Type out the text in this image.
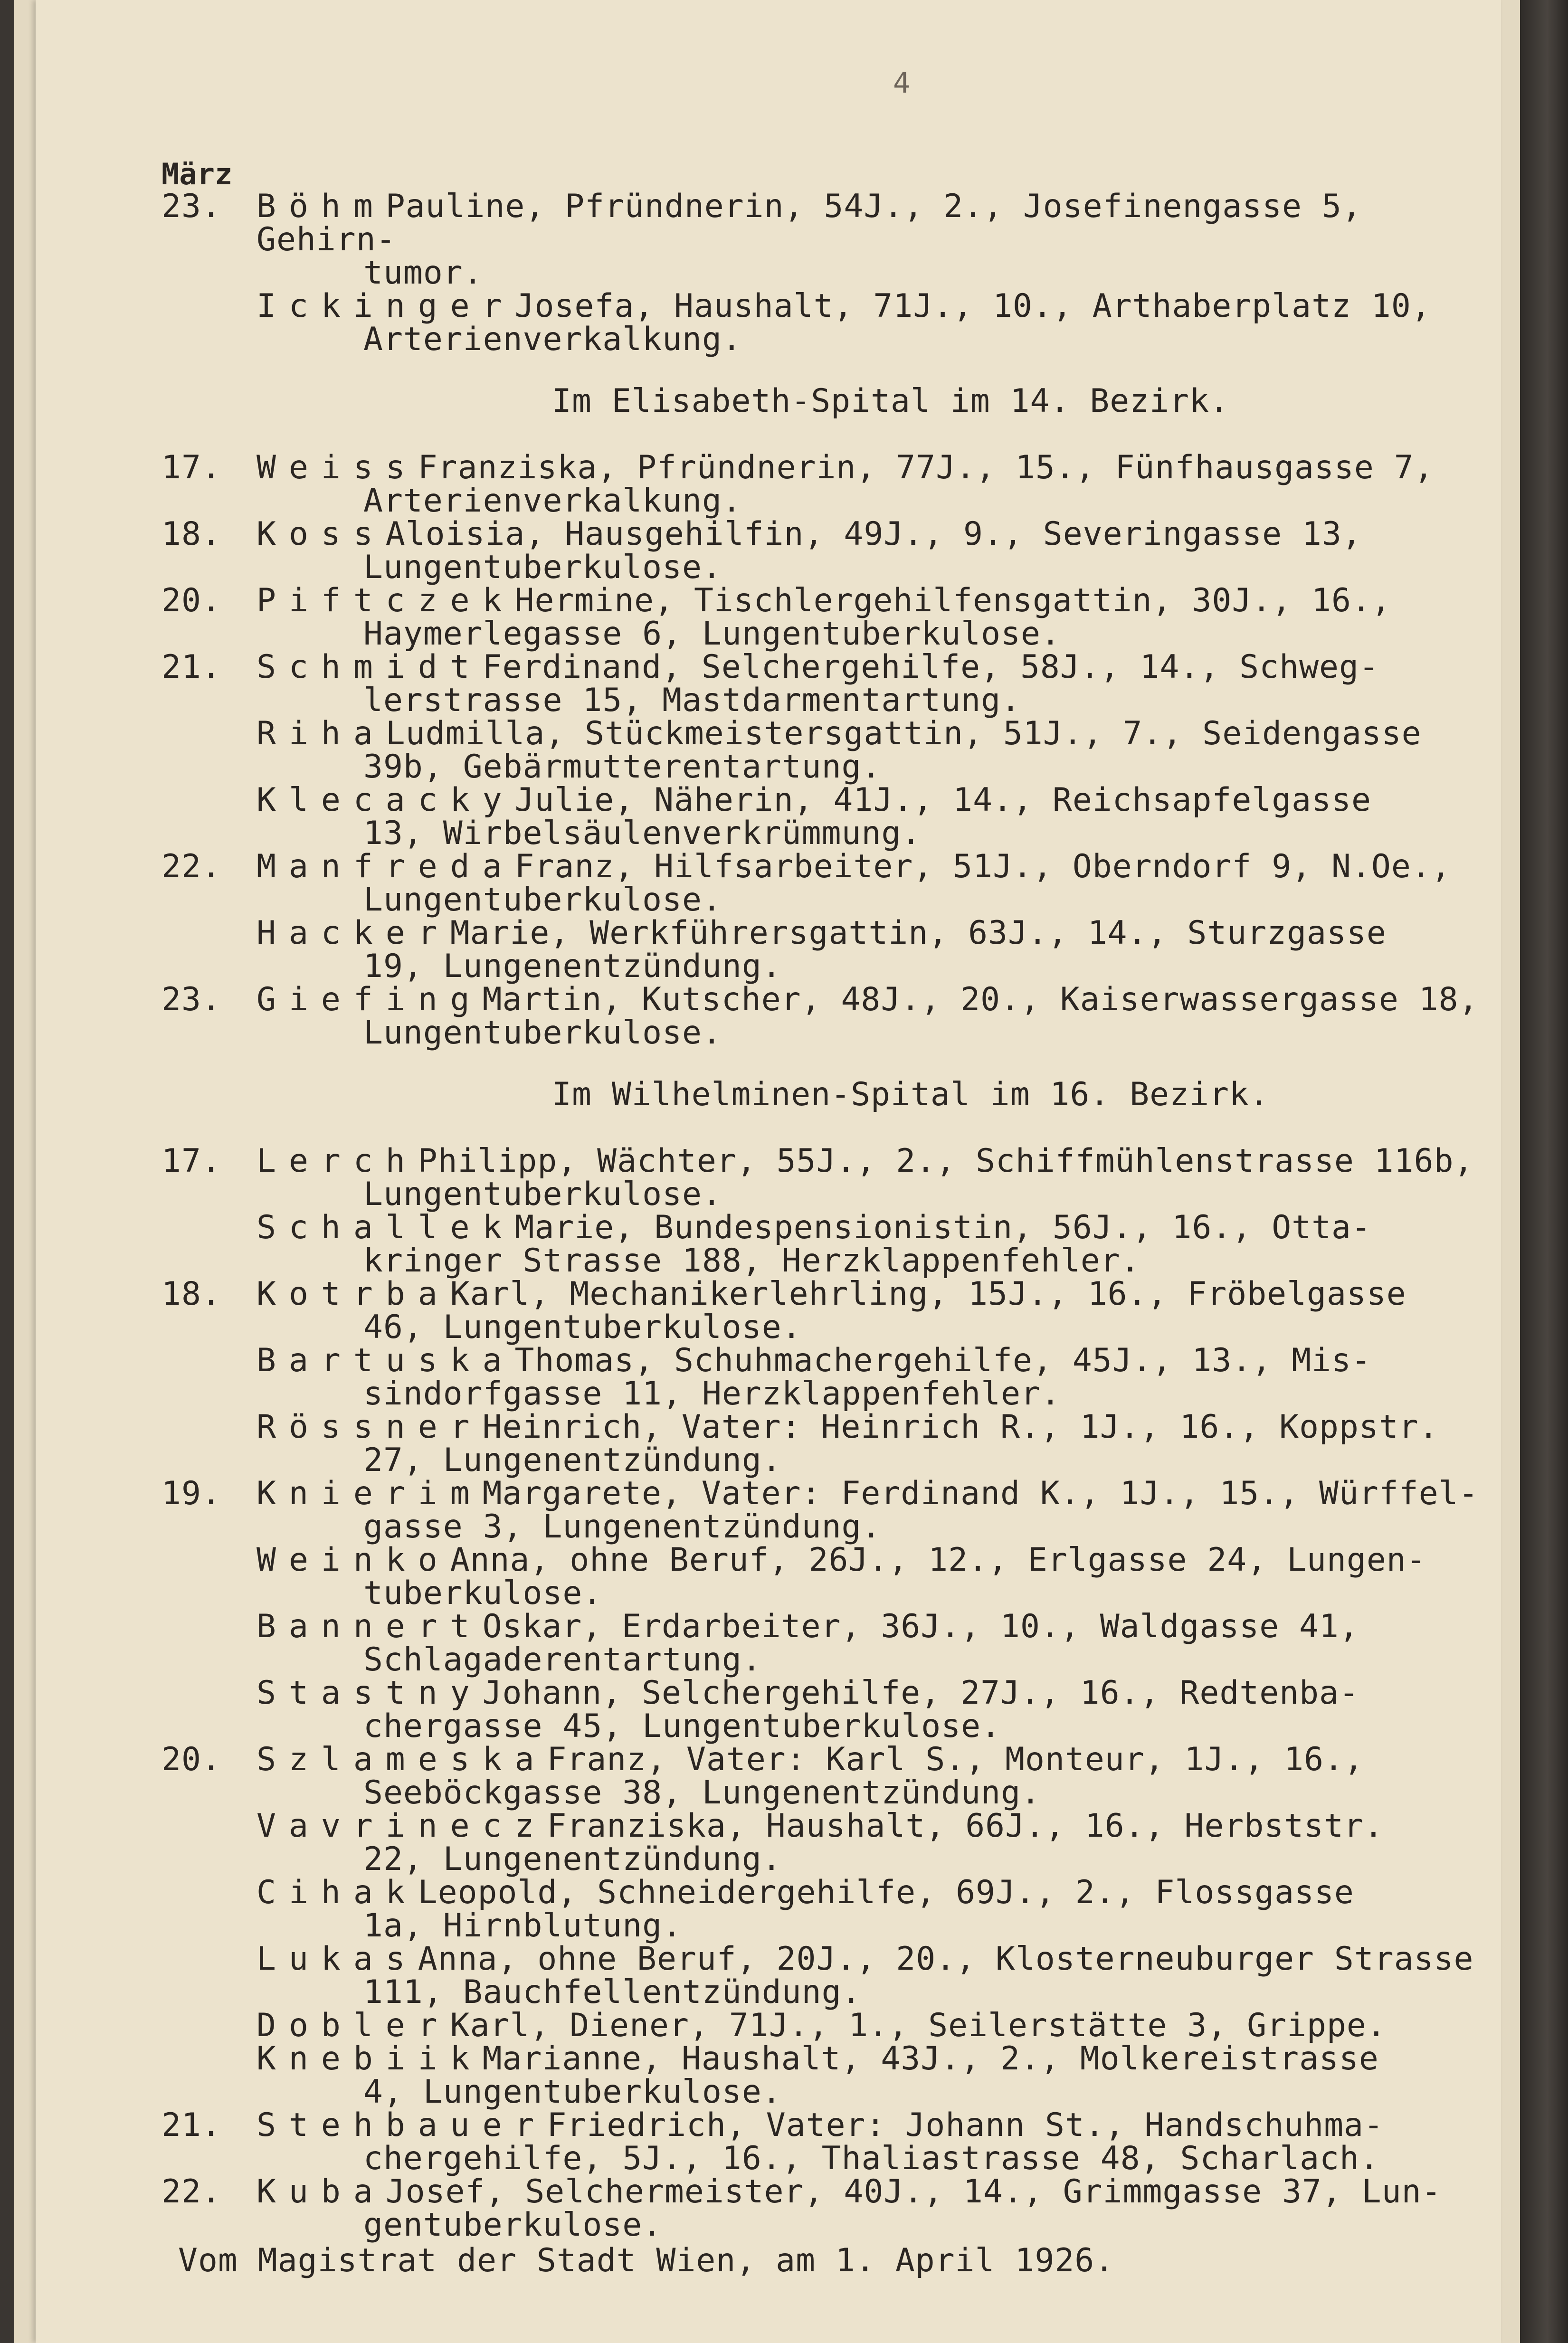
4
März
23.	BöhmPauline, Pfründnerin, 54J., 2., Josefinengasse 5, Gehirn-
tumor.
IckingerJosefa, Haushalt, 71J., 10., Arthaberplatz 10,
Arterienverkalkung.
Im Elisabeth-Spital im 14. Bezirk.
17.	WeissFranziska, Pfründnerin, 77J., 15., Fünfhausgasse 7,
Arterienverkalkung.
18.	KossAloisia, Hausgehilfin, 49J., 9., Severingasse 13,
Lungentuberkulose.
20.	PiftczekHermine, Tischlergehilfensgattin, 30J., 16.,
Haymerlegasse 6, Lungentuberkulose.
21.	SchmidtFerdinand, Selchergehilfe, 58J., 14., Schweg-
lerstrasse 15, Mastdarmentartung.
RihaLudmilla, Stückmeistersgattin, 51J., 7., Seidengasse
39b, Gebärmutterentartung.
KlecackyJulie, Näherin, 41J., 14., Reichsapfelgasse
13, Wirbelsäulenverkrümmung.
22.	ManfredaFranz, Hilfsarbeiter, 51J., Oberndorf 9, N.Oe.,
Lungentuberkulose.
HackerMarie, Werkführersgattin, 63J., 14., Sturzgasse
19, Lungenentzündung.
23.	GiefingMartin, Kutscher, 48J., 20., Kaiserwassergasse 18,
Lungentuberkulose.
Im Wilhelminen-Spital im 16. Bezirk.
17.	LerchPhilipp, Wächter, 55J., 2., Schiffmühlenstrasse 116b,
Lungentuberkulose.
SchallekMarie, Bundespensionistin, 56J., 16., Otta-
kringer Strasse 188, Herzklappenfehler.
18.	KotrbaKarl, Mechanikerlehrling, 15J., 16., Fröbelgasse
46, Lungentuberkulose.
BartuskaThomas, Schuhmachergehilfe, 45J., 13., Mis-
sindorfgasse 11, Herzklappenfehler.
RössnerHeinrich, Vater: Heinrich R., 1J., 16., Koppstr.
27, Lungenentzündung.
19.	KnierimMargarete, Vater: Ferdinand K., 1J., 15., Würffel-
gasse 3, Lungenentzündung.
WeinkoAnna, ohne Beruf, 26J., 12., Erlgasse 24, Lungen-
tuberkulose.
BannertOskar, Erdarbeiter, 36J., 10., Waldgasse 41,
Schlagaderentartung.
StastnyJohann, Selchergehilfe, 27J., 16., Redtenba-
chergasse 45, Lungentuberkulose.
20.	SzlameskaFranz, Vater: Karl S., Monteur, 1J., 16.,
Seeböckgasse 38, Lungenentzündung.
VavrineczFranziska, Haushalt, 66J., 16., Herbststr.
22, Lungenentzündung.
CihakLeopold, Schneidergehilfe, 69J., 2., Flossgasse
1a, Hirnblutung.
LukasAnna, ohne Beruf, 20J., 20., Klosterneuburger Strasse
111, Bauchfellentzündung.
DoblerKarl, Diener, 71J., 1., Seilerstätte 3, Grippe.
KnebiikMarianne, Haushalt, 43J., 2., Molkereistrasse
4, Lungentuberkulose.
21.	StehbauerFriedrich, Vater: Johann St., Handschuhma-
chergehilfe, 5J., 16., Thaliastrasse 48, Scharlach.
22.	KubaJosef, Selchermeister, 40J., 14., Grimmgasse 37, Lun-
gentuberkulose.
Vom Magistrat der Stadt Wien, am 1. April 1926.
